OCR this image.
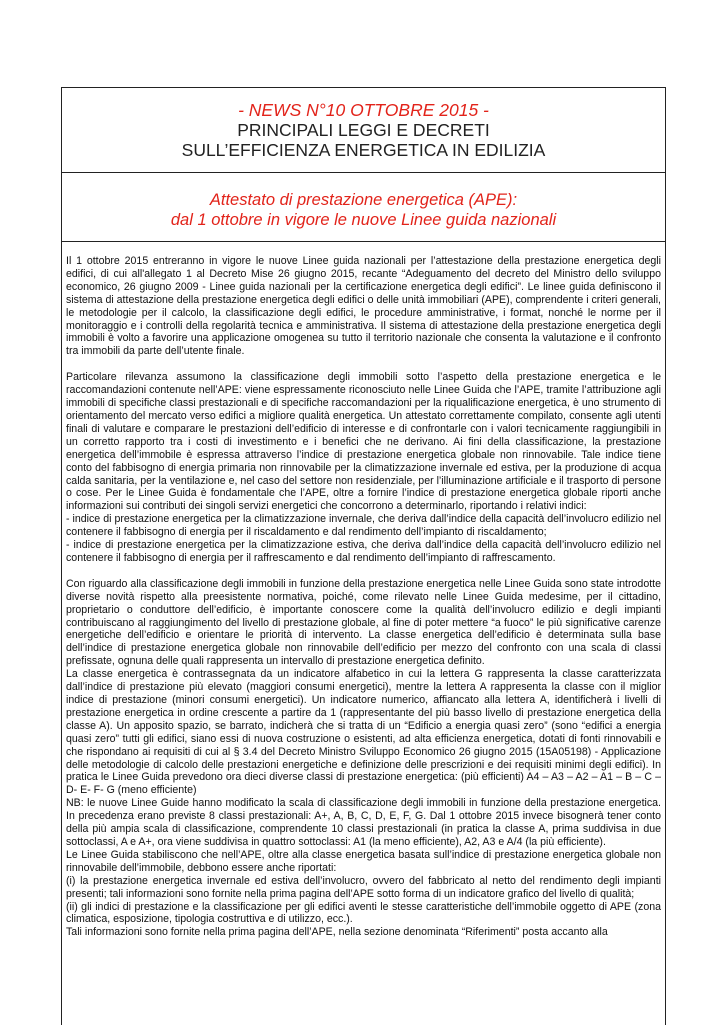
- NEWS N°10 OTTOBRE 2015 -
PRINCIPALI LEGGI E DECRETI
SULL’EFFICIENZA ENERGETICA IN EDILIZIA
Attestato di prestazione energetica (APE):
dal 1 ottobre in vigore le nuove Linee guida nazionali

Il 1 ottobre 2015 entreranno in vigore le nuove Linee guida nazionali per l’attestazione della prestazione energetica degli edifici, di cui all'allegato 1 al Decreto Mise 26 giugno 2015, recante “Adeguamento del decreto del Ministro dello sviluppo economico, 26 giugno 2009 - Linee guida nazionali per la certificazione energetica degli edifici”. Le linee guida definiscono il sistema di attestazione della prestazione energetica degli edifici o delle unità immobiliari (APE), comprendente i criteri generali, le metodologie per il calcolo, la classificazione degli edifici, le procedure amministrative, i format, nonché le norme per il monitoraggio e i controlli della regolarità tecnica e amministrativa. Il sistema di attestazione della prestazione energetica degli immobili è volto a favorire una applicazione omogenea su tutto il territorio nazionale che consenta la valutazione e il confronto tra immobili da parte dell’utente finale.

Particolare rilevanza assumono la classificazione degli immobili sotto l’aspetto della prestazione energetica e le raccomandazioni contenute nell’APE: viene espressamente riconosciuto nelle Linee Guida che l’APE, tramite l’attribuzione agli immobili di specifiche classi prestazionali e di specifiche raccomandazioni per la riqualificazione energetica, è uno strumento di orientamento del mercato verso edifici a migliore qualità energetica. Un attestato correttamente compilato, consente agli utenti finali di valutare e comparare le prestazioni dell’edificio di interesse e di confrontarle con i valori tecnicamente raggiungibili in un corretto rapporto tra i costi di investimento e i benefici che ne derivano. Ai fini della classificazione, la prestazione energetica dell’immobile è espressa attraverso l’indice di prestazione energetica globale non rinnovabile. Tale indice tiene conto del fabbisogno di energia primaria non rinnovabile per la climatizzazione invernale ed estiva, per la produzione di acqua calda sanitaria, per la ventilazione e, nel caso del settore non residenziale, per l’illuminazione artificiale e il trasporto di persone o cose. Per le Linee Guida è fondamentale che l’APE, oltre a fornire l’indice di prestazione energetica globale riporti anche informazioni sui contributi dei singoli servizi energetici che concorrono a determinarlo, riportando i relativi indici:

- indice di prestazione energetica per la climatizzazione invernale, che deriva dall’indice della capacità dell’involucro edilizio nel contenere il fabbisogno di energia per il riscaldamento e dal rendimento dell’impianto di riscaldamento;

- indice di prestazione energetica per la climatizzazione estiva, che deriva dall’indice della capacità dell’involucro edilizio nel contenere il fabbisogno di energia per il raffrescamento e dal rendimento dell’impianto di raffrescamento.

Con riguardo alla classificazione degli immobili in funzione della prestazione energetica nelle Linee Guida sono state introdotte diverse novità rispetto alla preesistente normativa, poiché, come rilevato nelle Linee Guida medesime, per il cittadino, proprietario o conduttore dell’edificio, è importante conoscere come la qualità dell’involucro edilizio e degli impianti contribuiscano al raggiungimento del livello di prestazione globale, al fine di poter mettere “a fuoco” le più significative carenze energetiche dell’edificio e orientare le priorità di intervento. La classe energetica dell’edificio è determinata sulla base dell’indice di prestazione energetica globale non rinnovabile dell’edificio per mezzo del confronto con una scala di classi prefissate, ognuna delle quali rappresenta un intervallo di prestazione energetica definito.

La classe energetica è contrassegnata da un indicatore alfabetico in cui la lettera G rappresenta la classe caratterizzata dall’indice di prestazione più elevato (maggiori consumi energetici), mentre la lettera A rappresenta la classe con il miglior indice di prestazione (minori consumi energetici). Un indicatore numerico, affiancato alla lettera A, identificherà i livelli di prestazione energetica in ordine crescente a partire da 1 (rappresentante del più basso livello di prestazione energetica della classe A). Un apposito spazio, se barrato, indicherà che si tratta di un “Edificio a energia quasi zero” (sono “edifici a energia quasi zero” tutti gli edifici, siano essi di nuova costruzione o esistenti, ad alta efficienza energetica, dotati di fonti rinnovabili e che rispondano ai requisiti di cui al § 3.4 del Decreto Ministro Sviluppo Economico 26 giugno 2015 (15A05198) - Applicazione delle metodologie di calcolo delle prestazioni energetiche e definizione delle prescrizioni e dei requisiti minimi degli edifici). In pratica le Linee Guida prevedono ora dieci diverse classi di prestazione energetica: (più efficienti) A4 – A3 – A2 – A1 – B – C – D- E- F- G (meno efficiente)

NB: le nuove Linee Guide hanno modificato la scala di classificazione degli immobili in funzione della prestazione energetica. In precedenza erano previste 8 classi prestazionali: A+, A, B, C, D, E, F, G. Dal 1 ottobre 2015 invece bisognerà tener conto della più ampia scala di classificazione, comprendente 10 classi prestazionali (in pratica la classe A, prima suddivisa in due sottoclassi, A e A+, ora viene suddivisa in quattro sottoclassi: A1 (la meno efficiente), A2, A3 e A/4 (la più efficiente).

Le Linee Guida stabiliscono che nell’APE, oltre alla classe energetica basata sull’indice di prestazione energetica globale non rinnovabile dell’immobile, debbono essere anche riportati:

(i) la prestazione energetica invernale ed estiva dell’involucro, ovvero del fabbricato al netto del rendimento degli impianti presenti; tali informazioni sono fornite nella prima pagina dell’APE sotto forma di un indicatore grafico del livello di qualità;

(ii) gli indici di prestazione e la classificazione per gli edifici aventi le stesse caratteristiche dell’immobile oggetto di APE (zona climatica, esposizione, tipologia costruttiva e di utilizzo, ecc.).

Tali informazioni sono fornite nella prima pagina dell’APE, nella sezione denominata “Riferimenti” posta accanto alla
